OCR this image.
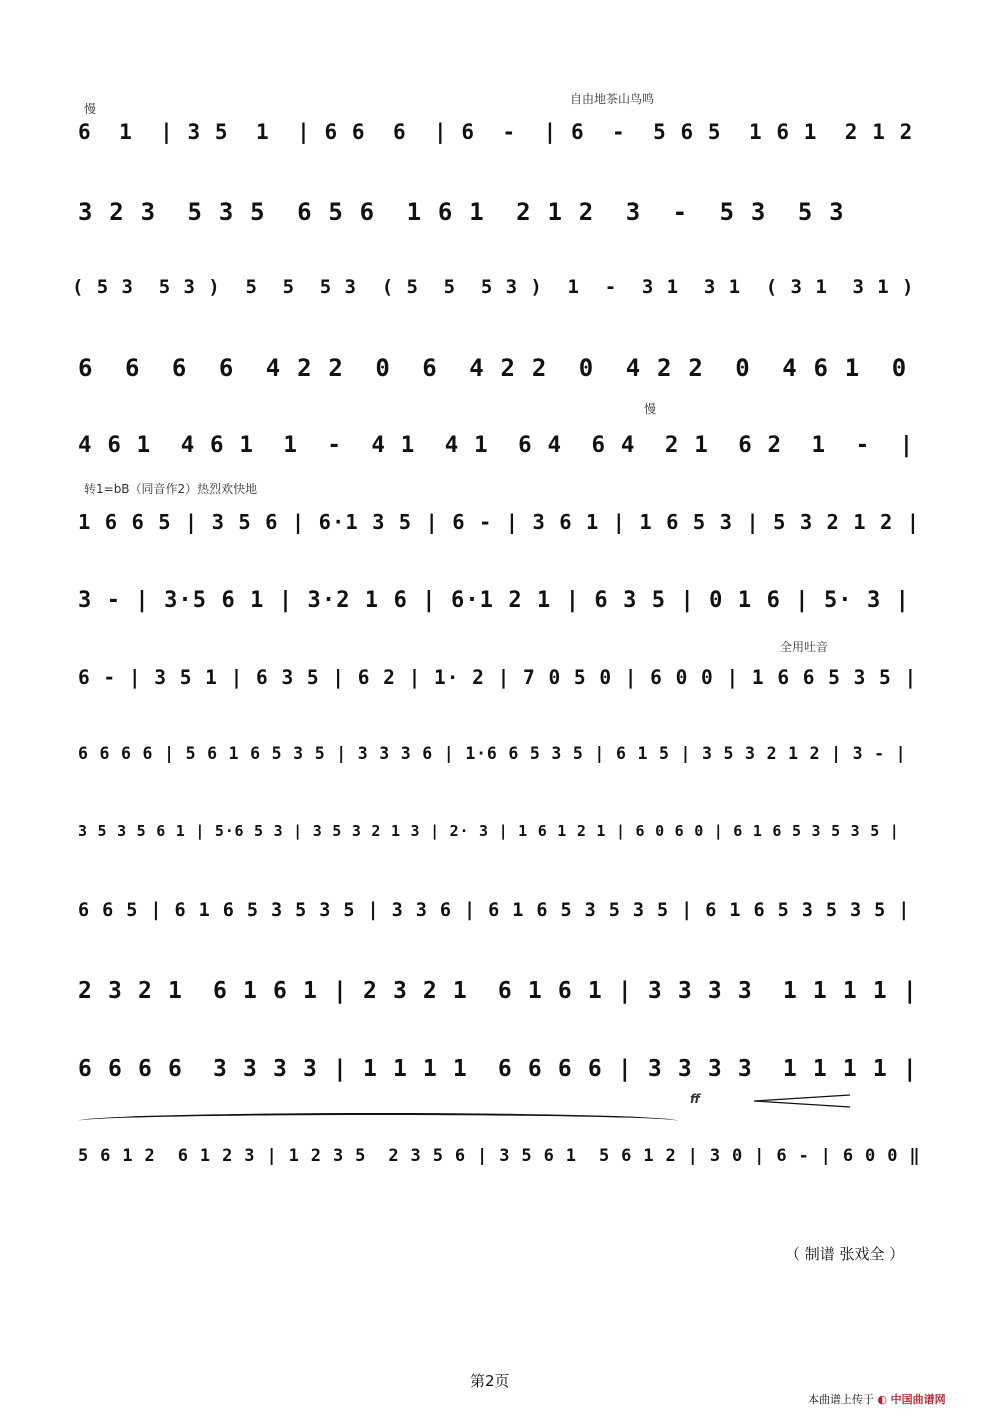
6  1  | 3 5  1  | 6 6  6  | 6  -  | 6  -  5 6 5  1 6 1  2 1 2
慢
自由地茶山鸟鸣
3 2 3  5 3 5  6 5 6  1 6 1  2 1 2  3  -  5 3  5 3
( 5 3  5 3 )  5  5  5 3  ( 5  5  5 3 )  1  -  3 1  3 1  ( 3 1  3 1 )
6  6  6  6  4 2 2  0  6  4 2 2  0  4 2 2  0  4 6 1  0
4 6 1  4 6 1  1  -  4 1  4 1  6 4  6 4  2 1  6 2  1  -  |
慢
1 6 6 5 | 3 5 6 | 6·1 3 5 | 6 - | 3 6 1 | 1 6 5 3 | 5 3 2 1 2 |
转1=bB（同音作2）热烈欢快地
3 - | 3·5 6 1 | 3·2 1 6 | 6·1 2 1 | 6 3 5 | 0 1 6 | 5· 3 |
6 - | 3 5 1 | 6 3 5 | 6 2 | 1· 2 | 7 0 5 0 | 6 0 0 | 1 6 6 5 3 5 |
全用吐音
6 6 6 6 | 5 6 1 6 5 3 5 | 3 3 3 6 | 1·6 6 5 3 5 | 6 1 5 | 3 5 3 2 1 2 | 3 - |
3 5 3 5 6 1 | 5·6 5 3 | 3 5 3 2 1 3 | 2· 3 | 1 6 1 2 1 | 6 0 6 0 | 6 1 6 5 3 5 3 5 |
6 6 5 | 6 1 6 5 3 5 3 5 | 3 3 6 | 6 1 6 5 3 5 3 5 | 6 1 6 5 3 5 3 5 |
2 3 2 1  6 1 6 1 | 2 3 2 1  6 1 6 1 | 3 3 3 3  1 1 1 1 |
6 6 6 6  3 3 3 3 | 1 1 1 1  6 6 6 6 | 3 3 3 3  1 1 1 1 |
5 6 1 2  6 1 2 3 | 1 2 3 5  2 3 5 6 | 3 5 6 1  5 6 1 2 | 3 0 | 6 - | 6 0 0 ‖
ff
（ 制谱 张戏全 ）
第2页
本曲谱上传于 ◐ 中国曲谱网
